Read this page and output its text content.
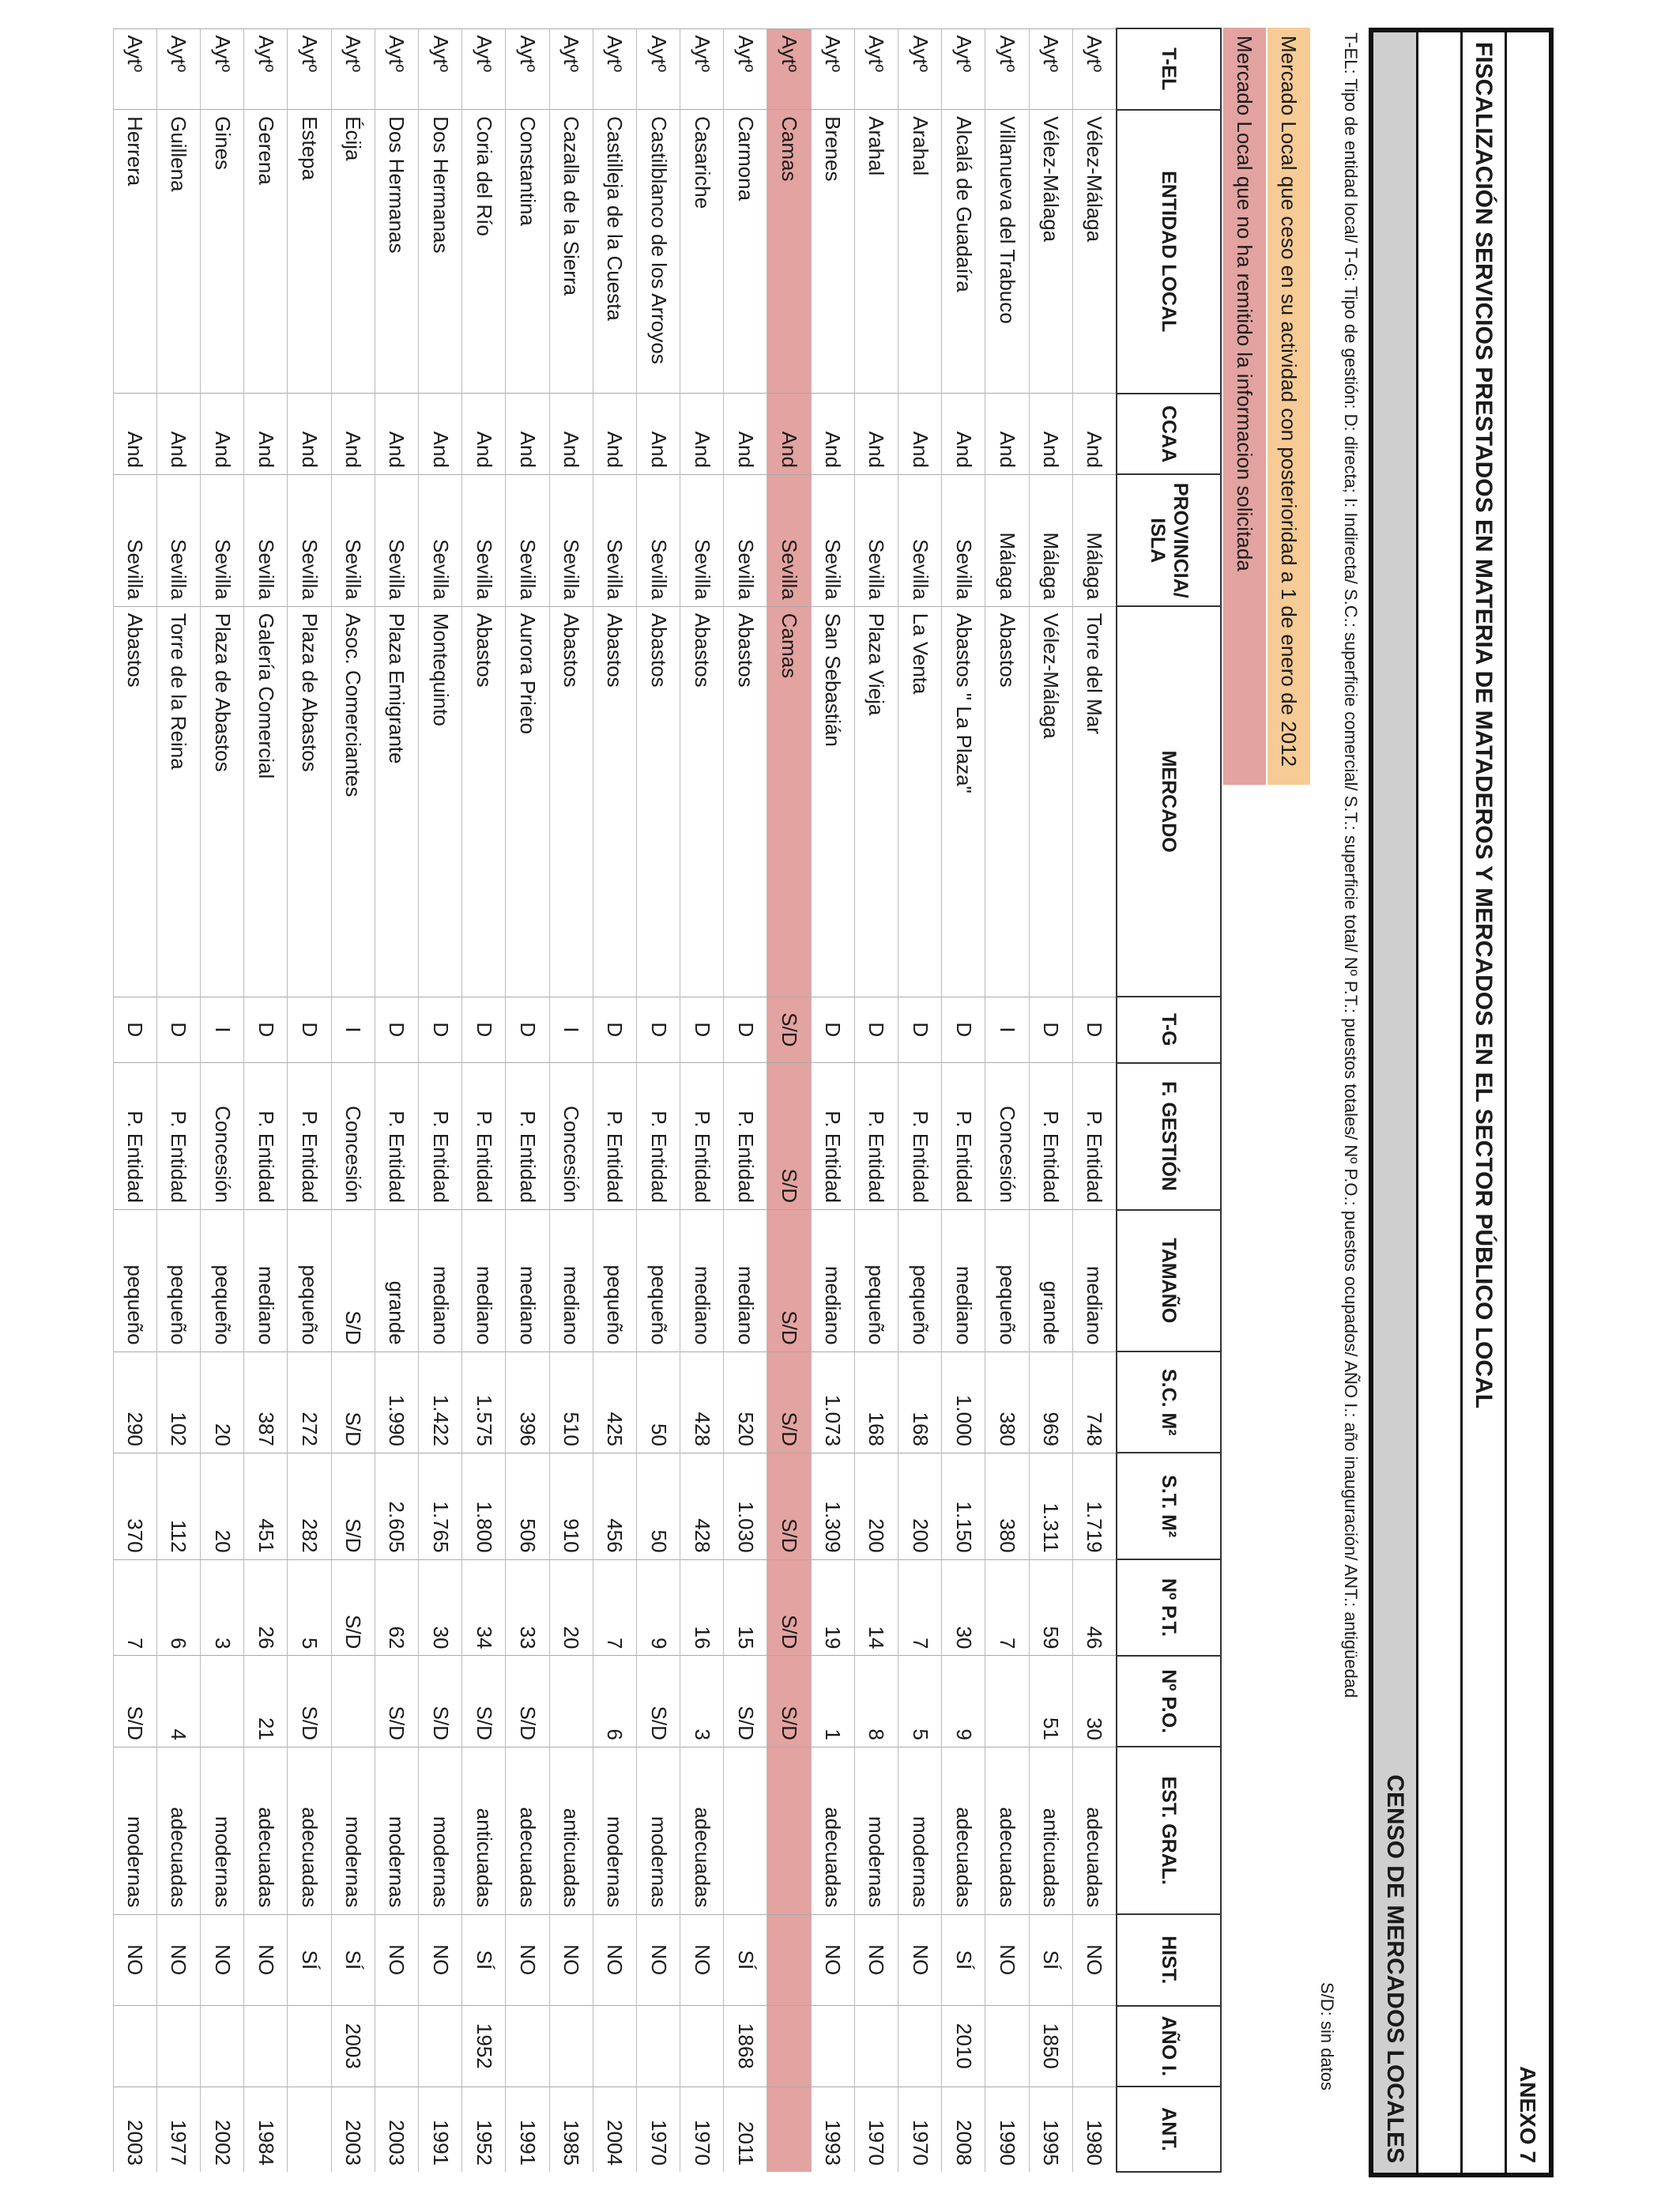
ANEXO 7
FISCALIZACIÓN SERVICIOS PRESTADOS EN MATERIA DE MATADEROS Y MERCADOS EN EL SECTOR PÚBLICO LOCAL
CENSO DE MERCADOS LOCALES
T-EL: Tipo de entidad local/ T-G: Tipo de gestión: D: directa; I: Indirecta/ S.C.: superficie comercial/ S.T.: superficie total/ Nº P.T.: puestos totales/ Nº P.O.: puestos ocupados/ AÑO I.: año inauguración/ ANT.: antigüedad
S/D: sin datos
Mercado Local que ceso en su actividad con posterioridad a 1 de enero de 2012
Mercado Local que no ha remitido la informacion solicitada
T-EL	ENTIDAD LOCAL	CCAA	PROVINCIA/ ISLA	MERCADO	T-G	F. GESTIÓN	TAMAÑO	S.C. M²	S.T. M²	Nº P.T.	Nº P.O.	EST. GRAL.	HIST.	AÑO I.	ANT.
Aytº	Vélez-Málaga	And	Málaga	Torre del Mar	D	P. Entidad	mediano	748	1.719	46	30	adecuadas	NO		1980
Aytº	Vélez-Málaga	And	Málaga	Vélez-Málaga	D	P. Entidad	grande	969	1.311	59	51	anticuadas	SÍ	1850	1995
Aytº	Villanueva del Trabuco	And	Málaga	Abastos	I	Concesión	pequeño	380	380	7		adecuadas	NO		1990
Aytº	Alcalá de Guadaíra	And	Sevilla	Abastos " La Plaza"	D	P. Entidad	mediano	1.000	1.150	30	9	adecuadas	SÍ	2010	2008
Aytº	Arahal	And	Sevilla	La Venta	D	P. Entidad	pequeño	168	200	7	5	modernas	NO		1970
Aytº	Arahal	And	Sevilla	Plaza Vieja	D	P. Entidad	pequeño	168	200	14	8	modernas	NO		1970
Aytº	Brenes	And	Sevilla	San Sebastián	D	P. Entidad	mediano	1.073	1.309	19	1	adecuadas	NO		1993
Aytº	Camas	And	Sevilla	Camas	S/D	S/D	S/D	S/D	S/D	S/D	S/D				
Aytº	Carmona	And	Sevilla	Abastos	D	P. Entidad	mediano	520	1.030	15	S/D		SÍ	1868	2011
Aytº	Casariche	And	Sevilla	Abastos	D	P. Entidad	mediano	428	428	16	3	adecuadas	NO		1970
Aytº	Castilblanco de los Arroyos	And	Sevilla	Abastos	D	P. Entidad	pequeño	50	50	9	S/D	modernas	NO		1970
Aytº	Castilleja de la Cuesta	And	Sevilla	Abastos	D	P. Entidad	pequeño	425	456	7	6	modernas	NO		2004
Aytº	Cazalla de la Sierra	And	Sevilla	Abastos	I	Concesión	mediano	510	910	20		anticuadas	NO		1985
Aytº	Constantina	And	Sevilla	Aurora Prieto	D	P. Entidad	mediano	396	506	33	S/D	adecuadas	NO		1991
Aytº	Coria del Río	And	Sevilla	Abastos	D	P. Entidad	mediano	1.575	1.800	34	S/D	anticuadas	SÍ	1952	1952
Aytº	Dos Hermanas	And	Sevilla	Montequinto	D	P. Entidad	mediano	1.422	1.765	30	S/D	modernas	NO		1991
Aytº	Dos Hermanas	And	Sevilla	Plaza Emigrante	D	P. Entidad	grande	1.990	2.605	62	S/D	modernas	NO		2003
Aytº	Écija	And	Sevilla	Asoc. Comerciantes	I	Concesión	S/D	S/D	S/D	S/D		modernas	SÍ	2003	2003
Aytº	Estepa	And	Sevilla	Plaza de Abastos	D	P. Entidad	pequeño	272	282	5	S/D	adecuadas	SÍ		
Aytº	Gerena	And	Sevilla	Galería Comercial	D	P. Entidad	mediano	387	451	26	21	adecuadas	NO		1984
Aytº	Gines	And	Sevilla	Plaza de Abastos	I	Concesión	pequeño	20	20	3		modernas	NO		2002
Aytº	Guillena	And	Sevilla	Torre de la Reina	D	P. Entidad	pequeño	102	112	6	4	adecuadas	NO		1977
Aytº	Herrera	And	Sevilla	Abastos	D	P. Entidad	pequeño	290	370	7	S/D	modernas	NO		2003
